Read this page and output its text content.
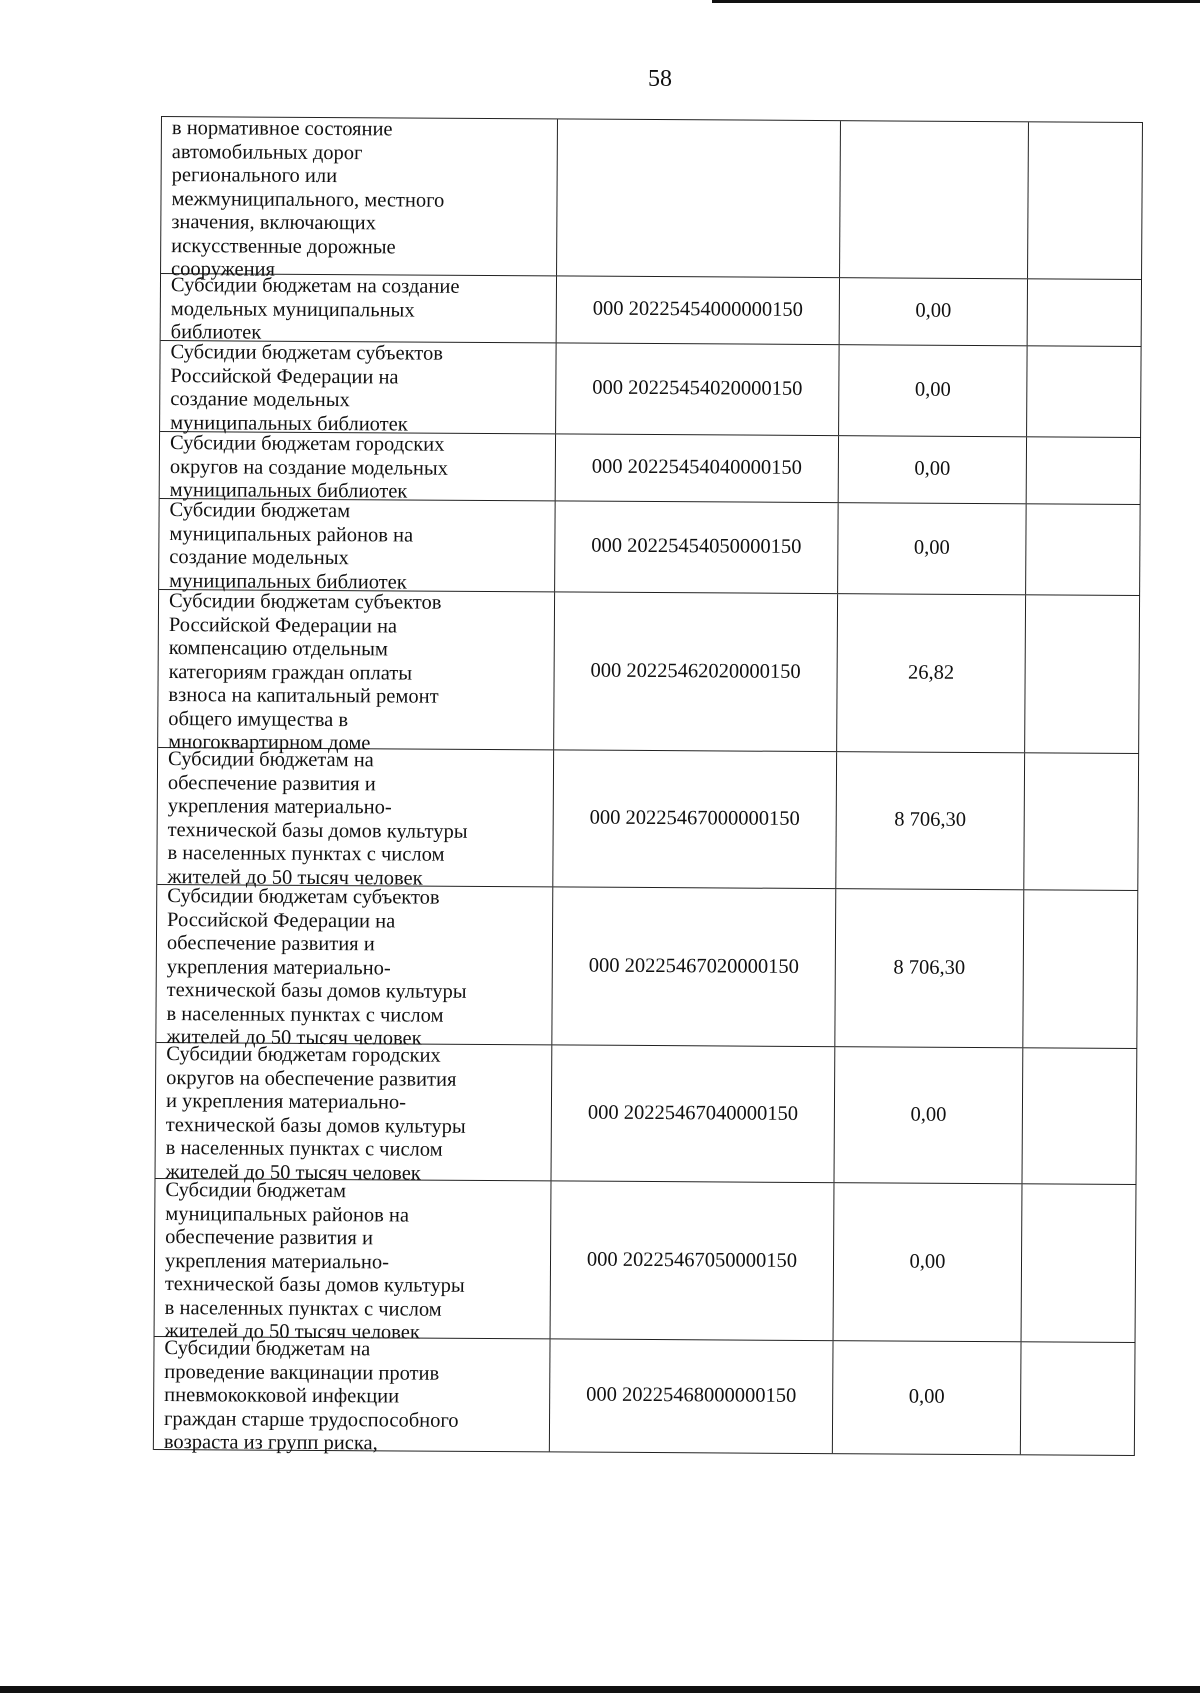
58
в нормативное состояние
автомобильных дорог
регионального или
межмуниципального, местного
значения, включающих
искусственные дорожные
сооружения
Субсидии бюджетам на создание
модельных муниципальных
библиотек
000 20225454000000150	0,00
Субсидии бюджетам субъектов
Российской Федерации на
создание модельных
муниципальных библиотек
000 20225454020000150	0,00
Субсидии бюджетам городских
округов на создание модельных
муниципальных библиотек
000 20225454040000150	0,00
Субсидии бюджетам
муниципальных районов на
создание модельных
муниципальных библиотек
000 20225454050000150	0,00
Субсидии бюджетам субъектов
Российской Федерации на
компенсацию отдельным
категориям граждан оплаты
взноса на капитальный ремонт
общего имущества в
многоквартирном доме
000 20225462020000150	26,82
Субсидии бюджетам на
обеспечение развития и
укрепления материально-
технической базы домов культуры
в населенных пунктах с числом
жителей до 50 тысяч человек
000 20225467000000150	8 706,30
Субсидии бюджетам субъектов
Российской Федерации на
обеспечение развития и
укрепления материально-
технической базы домов культуры
в населенных пунктах с числом
жителей до 50 тысяч человек
000 20225467020000150	8 706,30
Субсидии бюджетам городских
округов на обеспечение развития
и укрепления материально-
технической базы домов культуры
в населенных пунктах с числом
жителей до 50 тысяч человек
000 20225467040000150	0,00
Субсидии бюджетам
муниципальных районов на
обеспечение развития и
укрепления материально-
технической базы домов культуры
в населенных пунктах с числом
жителей до 50 тысяч человек
000 20225467050000150	0,00
Субсидии бюджетам на
проведение вакцинации против
пневмококковой инфекции
граждан старше трудоспособного
возраста из групп риска,
000 20225468000000150	0,00
